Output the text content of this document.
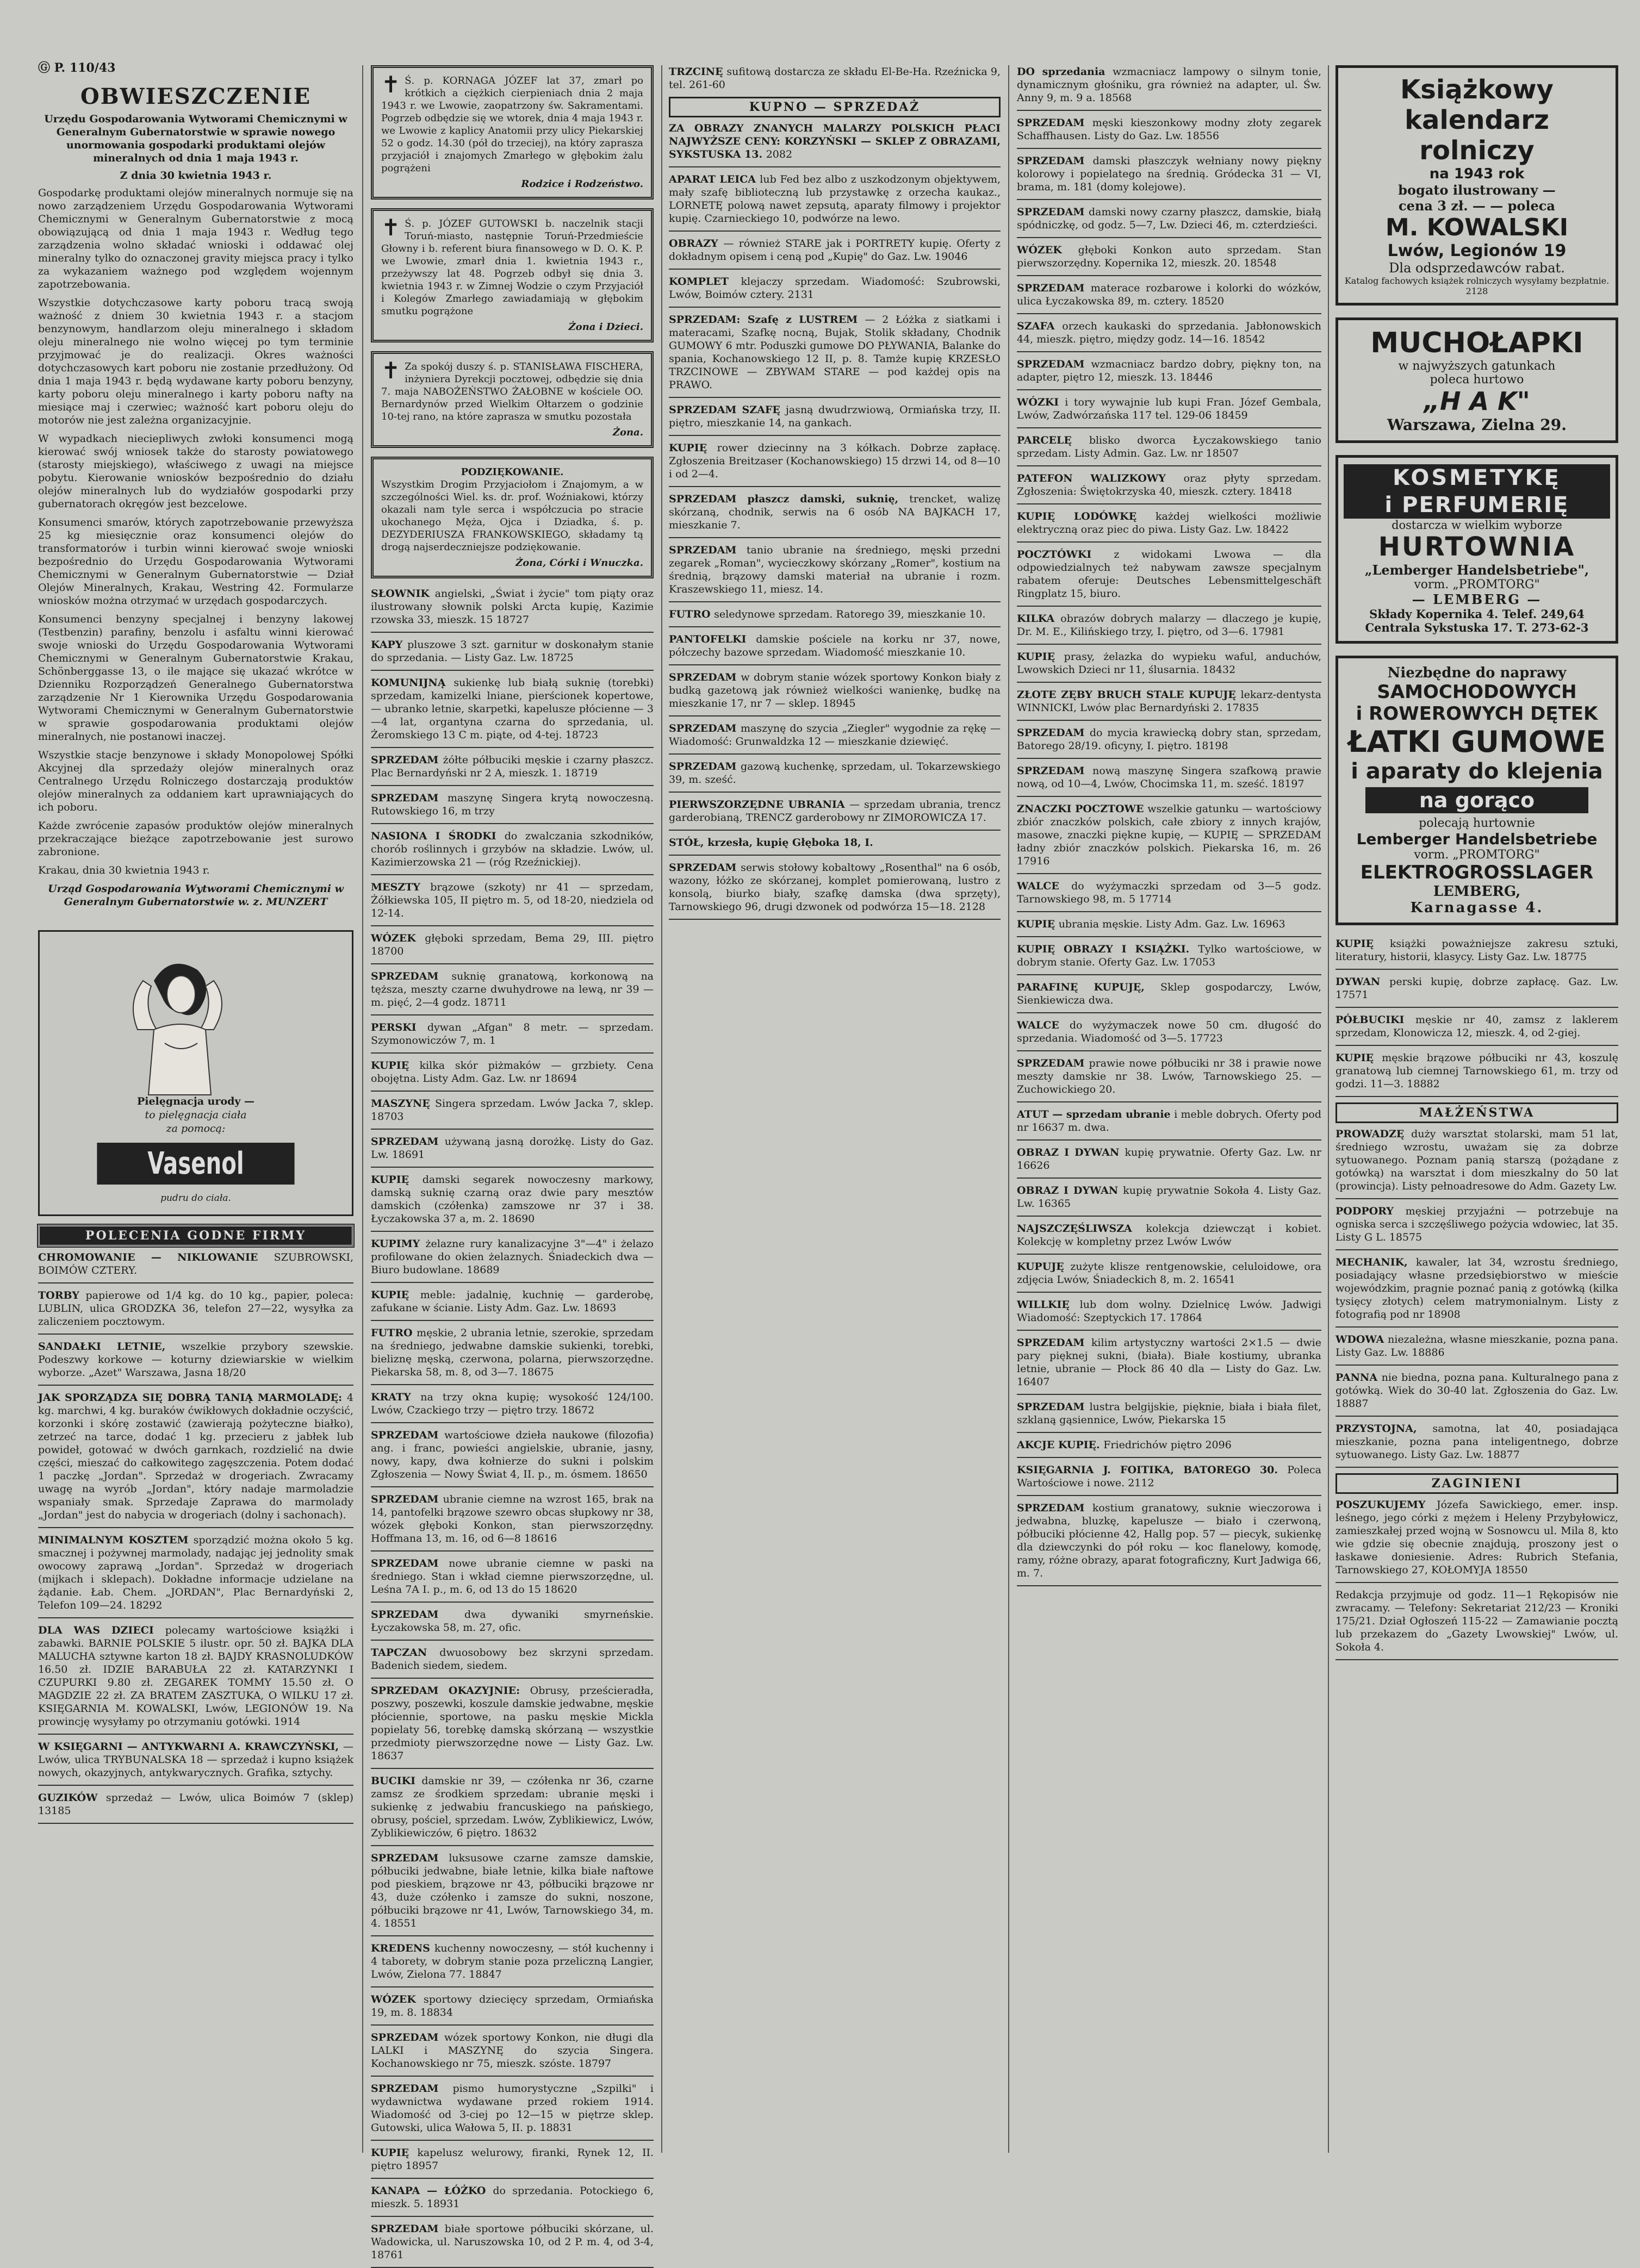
Ⓖ P. 110/43
OBWIESZCZENIE
Urzędu Gospodarowania Wytworami Chemicznymi w Generalnym Gubernatorstwie w sprawie nowego unormowania gospodarki produktami olejów mineralnych od dnia 1 maja 1943 r.
Z dnia 30 kwietnia 1943 r.

Gospodarkę produktami olejów mineralnych normuje się na nowo zarządzeniem Urzędu Gospodarowania Wytworami Chemicznymi w Generalnym Gubernatorstwie z mocą obowiązującą od dnia 1 maja 1943 r. Według tego zarządzenia wolno składać wnioski i oddawać olej mineralny tylko do oznaczonej gravity miejsca pracy i tylko za wykazaniem ważnego pod względem wojennym zapotrzebowania.

Wszystkie dotychczasowe karty poboru tracą swoją ważność z dniem 30 kwietnia 1943 r. a stacjom benzynowym, handlarzom oleju mineralnego i składom oleju mineralnego nie wolno więcej po tym terminie przyjmować je do realizacji. Okres ważności dotychczasowych kart poboru nie zostanie przedłużony. Od dnia 1 maja 1943 r. będą wydawane karty poboru benzyny, karty poboru oleju mineralnego i karty poboru nafty na miesiące maj i czerwiec; ważność kart poboru oleju do motorów nie jest zależna organizacyjnie.

W wypadkach nieciepliwych zwłoki konsumenci mogą kierować swój wniosek także do starosty powiatowego (starosty miejskiego), właściwego z uwagi na miejsce pobytu. Kierowanie wniosków bezpośrednio do działu olejów mineralnych lub do wydziałów gospodarki przy gubernatorach okręgów jest bezcelowe.

Konsumenci smarów, których zapotrzebowanie przewyższa 25 kg miesięcznie oraz konsumenci olejów do transformatorów i turbin winni kierować swoje wnioski bezpośrednio do Urzędu Gospodarowania Wytworami Chemicznymi w Generalnym Gubernatorstwie — Dział Olejów Mineralnych, Krakau, Westring 42. Formularze wniosków można otrzymać w urzędach gospodarczych.

Konsumenci benzyny specjalnej i benzyny lakowej (Testbenzin) parafiny, benzolu i asfaltu winni kierować swoje wnioski do Urzędu Gospodarowania Wytworami Chemicznymi w Generalnym Gubernatorstwie Krakau, Schönberggasse 13, o ile mające się ukazać wkrótce w Dzienniku Rozporządzeń Generalnego Gubernatorstwa zarządzenie Nr 1 Kierownika Urzędu Gospodarowania Wytworami Chemicznymi w Generalnym Gubernatorstwie w sprawie gospodarowania produktami olejów mineralnych, nie postanowi inaczej.

Wszystkie stacje benzynowe i składy Monopolowej Spółki Akcyjnej dla sprzedaży olejów mineralnych oraz Centralnego Urzędu Rolniczego dostarczają produktów olejów mineralnych za oddaniem kart uprawniających do ich poboru.

Każde zwrócenie zapasów produktów olejów mineralnych przekraczające bieżące zapotrzebowanie jest surowo zabronione.

Krakau, dnia 30 kwietnia 1943 r.

Urząd Gospodarowania Wytworami Chemicznymi w Generalnym Gubernatorstwie w. z. MUNZERT
Pielęgnacja urody —
to pielęgnacja ciała
za pomocą:
Vasenol
pudru do ciała.
POLECENIA GODNE FIRMY

CHROMOWANIE — NIKLOWANIE SZUBROWSKI, BOIMÓW CZTERY.

TORBY papierowe od 1/4 kg. do 10 kg., papier, poleca: LUBLIN, ulica GRODZKA 36, telefon 27—22, wysyłka za zaliczeniem pocztowym.

SANDAŁKI LETNIE, wszelkie przybory szewskie. Podeszwy korkowe — koturny dziewiarskie w wielkim wyborze. „Azet" Warszawa, Jasna 18/20

JAK SPORZĄDZA SIĘ DOBRĄ TANIĄ MARMOLADĘ: 4 kg. marchwi, 4 kg. buraków ćwikłowych dokładnie oczyścić, korzonki i skórę zostawić (zawierają pożyteczne białko), zetrzeć na tarce, dodać 1 kg. przecieru z jabłek lub powideł, gotować w dwóch garnkach, rozdzielić na dwie części, mieszać do całkowitego zagęszczenia. Potem dodać 1 paczkę „Jordan". Sprzedaż w drogeriach. Zwracamy uwagę na wyrób „Jordan", który nadaje marmoladzie wspaniały smak. Sprzedaje Zaprawa do marmolady „Jordan" jest do nabycia w drogeriach (dolny i sachonach).

MINIMALNYM KOSZTEM sporządzić można około 5 kg. smacznej i pożywnej marmolady, nadając jej jednolity smak owocowy zaprawą „Jordan". Sprzedaż w drogeriach (mijkach i sklepach). Dokładne informacje udzielane na żądanie. Łab. Chem. „JORDAN", Plac Bernardyński 2, Telefon 109—24. 18292

DLA WAS DZIECI polecamy wartościowe książki i zabawki. BARNIE POLSKIE 5 ilustr. opr. 50 zł. BAJKA DLA MALUCHA sztywne karton 18 zł. BAJDY KRASNOLUDKÓW 16.50 zł. IDZIE BARABUŁA 22 zł. KATARZYNKI I CZUPURKI 9.80 zł. ZEGAREK TOMMY 15.50 zł. O MAGDZIE 22 zł. ZA BRATEM ZASZTUKA, O WILKU 17 zł. KSIĘGARNIA M. KOWALSKI, Lwów, LEGIONÓW 19. Na prowincję wysyłamy po otrzymaniu gotówki. 1914

W KSIĘGARNI — ANTYKWARNI A. KRAWCZYŃSKI, — Lwów, ulica TRYBUNALSKA 18 — sprzedaż i kupno książek nowych, okazyjnych, antykwarycznych. Grafika, sztychy.

GUZIKÓW sprzedaż — Lwów, ulica Boimów 7 (sklep) 13185

✝ Ś. p. KORNAGA JÓZEF lat 37, zmarł po krótkich a ciężkich cierpieniach dnia 2 maja 1943 r. we Lwowie, zaopatrzony św. Sakramentami. Pogrzeb odbędzie się we wtorek, dnia 4 maja 1943 r. we Lwowie z kaplicy Anatomii przy ulicy Piekarskiej 52 o godz. 14.30 (pół do trzeciej), na który zaprasza przyjaciół i znajomych Zmarłego w głębokim żalu pogrążeni
Rodzice i Rodzeństwo.
✝ Ś. p. JÓZEF GUTOWSKI b. naczelnik stacji Toruń-miasto, następnie Toruń-Przedmieście Głowny i b. referent biura finansowego w D. O. K. P. we Lwowie, zmarł dnia 1. kwietnia 1943 r., przeżywszy lat 48. Pogrzeb odbył się dnia 3. kwietnia 1943 r. w Zimnej Wodzie o czym Przyjaciół i Kolegów Zmarłego zawiadamiają w głębokim smutku pogrążone
Żona i Dzieci.
✝ Za spokój duszy ś. p. STANISŁAWA FISCHERA, inżyniera Dyrekcji pocztowej, odbędzie się dnia 7. maja NABOŻEŃSTWO ŻAŁOBNE w kościele OO. Bernardynów przed Wielkim Ołtarzem o godzinie 10-tej rano, na które zaprasza w smutku pozostała
Żona.
PODZIĘKOWANIE.
Wszystkim Drogim Przyjaciołom i Znajomym, a w szczególności Wiel. ks. dr. prof. Woźniakowi, którzy okazali nam tyle serca i współczucia po stracie ukochanego Męża, Ojca i Dziadka, ś. p. DEZYDERIUSZA FRANKOWSKIEGO, składamy tą drogą najserdeczniejsze podziękowanie.
Żona, Córki i Wnuczka.

SŁOWNIK angielski, „Świat i życie" tom piąty oraz ilustrowany słownik polski Arcta kupię, Kazimie rzowska 33, mieszk. 15 18727

KAPY pluszowe 3 szt. garnitur w doskonałym stanie do sprzedania. — Listy Gaz. Lw. 18725

KOMUNIJNĄ sukienkę lub białą suknię (torebki) sprzedam, kamizelki lniane, pierścionek kopertowe, — ubranko letnie, skarpetki, kapelusze płócienne — 3—4 lat, organtyna czarna do sprzedania, ul. Żeromskiego 13 C m. piąte, od 4-tej. 18723

SPRZEDAM żółte półbuciki męskie i czarny płaszcz. Plac Bernardyński nr 2 A, mieszk. 1. 18719

SPRZEDAM maszynę Singera krytą nowoczesną. Rutowskiego 16, m trzy

NASIONA I ŚRODKI do zwalczania szkodników, chorób roślinnych i grzybów na składzie. Lwów, ul. Kazimierzowska 21 — (róg Rzeźnickiej).

MESZTY brązowe (szkoty) nr 41 — sprzedam, Żółkiewska 105, II piętro m. 5, od 18-20, niedziela od 12-14.

WÓZEK głęboki sprzedam, Bema 29, III. piętro 18700

SPRZEDAM suknię granatową, korkonową na tęższa, meszty czarne dwuhydrowe na lewą, nr 39 — m. pięć, 2—4 godz. 18711

PERSKI dywan „Afgan" 8 metr. — sprzedam. Szymonowiczów 7, m. 1

KUPIĘ kilka skór piżmaków — grzbiety. Cena obojętna. Listy Adm. Gaz. Lw. nr 18694

MASZYNĘ Singera sprzedam. Lwów Jacka 7, sklep. 18703

SPRZEDAM używaną jasną dorożkę. Listy do Gaz. Lw. 18691

KUPIĘ damski segarek nowoczesny markowy, damską suknię czarną oraz dwie pary mesztów damskich (czółenka) zamszowe nr 37 i 38. Łyczakowska 37 a, m. 2. 18690

KUPIMY żelazne rury kanalizacyjne 3"—4" i żelazo profilowane do okien żelaznych. Śniadeckich dwa — Biuro budowlane. 18689

KUPIĘ meble: jadalnię, kuchnię — garderobę, zafukane w ścianie. Listy Adm. Gaz. Lw. 18693

FUTRO męskie, 2 ubrania letnie, szerokie, sprzedam na średniego, jedwabne damskie sukienki, torebki, bieliznę męską, czerwona, polarna, pierwszorzędne. Piekarska 58, m. 8, od 3—7. 18675

KRATY na trzy okna kupię; wysokość 124/100. Lwów, Czackiego trzy — piętro trzy. 18672

SPRZEDAM wartościowe dzieła naukowe (filozofia) ang. i franc, powieści angielskie, ubranie, jasny, nowy, kapy, dwa kołnierze do sukni i polskim Zgłoszenia — Nowy Świat 4, II. p., m. ósmem. 18650

SPRZEDAM ubranie ciemne na wzrost 165, brak na 14, pantofelki brązowe szewro obcas słupkowy nr 38, wózek głęboki Konkon, stan pierwszorzędny. Hoffmana 13, m. 16, od 6—8 18616

SPRZEDAM nowe ubranie ciemne w paski na średniego. Stan i wkład ciemne pierwszorzędne, ul. Leśna 7A I. p., m. 6, od 13 do 15 18620

SPRZEDAM dwa dywaniki smyrneńskie. Łyczakowska 58, m. 27, ofic.

TAPCZAN dwuosobowy bez skrzyni sprzedam. Badenich siedem, siedem.

SPRZEDAM OKAZYJNIE: Obrusy, prześcieradła, poszwy, poszewki, koszule damskie jedwabne, męskie płóciennie, sportowe, na pasku męskie Mickla popielaty 56, torebkę damską skórzaną — wszystkie przedmioty pierwszorzędne nowe — Listy Gaz. Lw. 18637

BUCIKI damskie nr 39, — czółenka nr 36, czarne zamsz ze środkiem sprzedam: ubranie męski i sukienkę z jedwabiu francuskiego na pańskiego, obrusy, pościel, sprzedam. Lwów, Zyblikiewicz, Lwów, Zyblikiewiczów, 6 piętro. 18632

SPRZEDAM luksusowe czarne zamsze damskie, półbuciki jedwabne, białe letnie, kilka białe naftowe pod pieskiem, brązowe nr 43, półbuciki brązowe nr 43, duże czółenko i zamsze do sukni, noszone, półbuciki brązowe nr 41, Lwów, Tarnowskiego 34, m. 4. 18551

KREDENS kuchenny nowoczesny, — stół kuchenny i 4 taborety, w dobrym stanie poza przeliczną Langier, Lwów, Zielona 77. 18847

WÓZEK sportowy dziecięcy sprzedam, Ormiańska 19, m. 8. 18834

SPRZEDAM wózek sportowy Konkon, nie długi dla LALKI i MASZYNĘ do szycia Singera. Kochanowskiego nr 75, mieszk. szóste. 18797

SPRZEDAM pismo humorystyczne „Szpilki" i wydawnictwa wydawane przed rokiem 1914. Wiadomość od 3-ciej po 12—15 w piętrze sklep. Gutowski, ulica Wałowa 5, II. p. 18831

KUPIĘ kapelusz welurowy, firanki, Rynek 12, II. piętro 18957

KANAPA — ŁÓŻKO do sprzedania. Potockiego 6, mieszk. 5. 18931

SPRZEDAM białe sportowe półbuciki skórzane, ul. Wadowicka, ul. Naruszowska 10, od 2 P. m. 4, od 3-4, 18761

TRZCINĘ sufitową dostarcza ze składu El-Be-Ha. Rzeźnicka 9, tel. 261-60

KUPNO — SPRZEDAŻ

ZA OBRAZY ZNANYCH MALARZY POLSKICH PŁACI NAJWYŻSZE CENY: KORZYŃSKI — SKLEP Z OBRAZAMI, SYKSTUSKA 13. 2082

APARAT LEICA lub Fed bez albo z uszkodzonym objektywem, mały szafę biblioteczną lub przystawkę z orzecha kaukaz., LORNETĘ polową nawet zepsutą, aparaty filmowy i projektor kupię. Czarnieckiego 10, podwórze na lewo.

OBRAZY — również STARE jak i PORTRETY kupię. Oferty z dokładnym opisem i ceną pod „Kupię" do Gaz. Lw. 19046

KOMPLET klejaczy sprzedam. Wiadomość: Szubrowski, Lwów, Boimów cztery. 2131

SPRZEDAM: Szafę z LUSTREM — 2 Łóżka z siatkami i materacami, Szafkę nocną, Bujak, Stolik składany, Chodnik GUMOWY 6 mtr. Poduszki gumowe DO PŁYWANIA, Balanke do spania, Kochanowskiego 12 II, p. 8. Tamże kupię KRZESŁO TRZCINOWE — ZBYWAM STARE — pod każdej opis na PRAWO.

SPRZEDAM SZAFĘ jasną dwudrzwiową, Ormiańska trzy, II. piętro, mieszkanie 14, na gankach.

KUPIĘ rower dziecinny na 3 kółkach. Dobrze zapłacę. Zgłoszenia Breitzaser (Kochanowskiego) 15 drzwi 14, od 8—10 i od 2—4.

SPRZEDAM płaszcz damski, suknię, trencket, walizę skórzaną, chodnik, serwis na 6 osób NA BAJKACH 17, mieszkanie 7.

SPRZEDAM tanio ubranie na średniego, męski przedni zegarek „Roman", wycieczkowy skórzany „Romer", kostium na średnią, brązowy damski materiał na ubranie i rozm. Kraszewskiego 11, miesz. 14.

FUTRO seledynowe sprzedam. Ratorego 39, mieszkanie 10.

PANTOFELKI damskie pościele na korku nr 37, nowe, półczechy bazowe sprzedam. Wiadomość mieszkanie 10.

SPRZEDAM w dobrym stanie wózek sportowy Konkon biały z budką gazetową jak również wielkości wanienkę, budkę na mieszkanie 17, nr 7 — sklep. 18945

SPRZEDAM maszynę do szycia „Ziegler" wygodnie za rękę — Wiadomość: Grunwaldzka 12 — mieszkanie dziewięć.

SPRZEDAM gazową kuchenkę, sprzedam, ul. Tokarzewskiego 39, m. sześć.

PIERWSZORZĘDNE UBRANIA — sprzedam ubrania, trencz garderobianą, TRENCZ garderobowy nr ZIMOROWICZA 17.

STÓŁ, krzesła, kupię Głęboka 18, I.

SPRZEDAM serwis stołowy kobaltowy „Rosenthal" na 6 osób, wazony, łóżko ze skórzanej, komplet pomierowaną, lustro z konsolą, biurko biały, szafkę damska (dwa sprzęty), Tarnowskiego 96, drugi dzwonek od podwórza 15—18. 2128

DO sprzedania wzmacniacz lampowy o silnym tonie, dynamicznym głośniku, gra również na adapter, ul. Św. Anny 9, m. 9 a. 18568

SPRZEDAM męski kieszonkowy modny złoty zegarek Schaffhausen. Listy do Gaz. Lw. 18556

SPRZEDAM damski płaszczyk wełniany nowy piękny kolorowy i popielatego na średnią. Gródecka 31 — VI, brama, m. 181 (domy kolejowe).

SPRZEDAM damski nowy czarny płaszcz, damskie, białą spódniczkę, od godz. 5—7, Lw. Dzieci 46, m. czterdzieści.

WÓZEK głęboki Konkon auto sprzedam. Stan pierwszorzędny. Kopernika 12, mieszk. 20. 18548

SPRZEDAM materace rozbarowe i kolorki do wózków, ulica Łyczakowska 89, m. cztery. 18520

SZAFA orzech kaukaski do sprzedania. Jabłonowskich 44, mieszk. piętro, między godz. 14—16. 18542

SPRZEDAM wzmacniacz bardzo dobry, piękny ton, na adapter, piętro 12, mieszk. 13. 18446

WÓZKI i tory wywajnie lub kupi Fran. Józef Gembala, Lwów, Zadwórzańska 117 tel. 129-06 18459

PARCELĘ blisko dworca Łyczakowskiego tanio sprzedam. Listy Admin. Gaz. Lw. nr 18507

PATEFON WALIZKOWY oraz płyty sprzedam. Zgłoszenia: Świętokrzyska 40, mieszk. cztery. 18418

KUPIĘ LODÓWKĘ każdej wielkości możliwie elektryczną oraz piec do piwa. Listy Gaz. Lw. 18422

POCZTÓWKI z widokami Lwowa — dla odpowiedzialnych też nabywam zawsze specjalnym rabatem oferuje: Deutsches Lebensmittelgeschäft Ringplatz 15, biuro.

KILKA obrazów dobrych malarzy — dlaczego je kupię, Dr. M. E., Kilińskiego trzy, I. piętro, od 3—6. 17981

KUPIĘ prasy, żelazka do wypieku waful, anduchów, Lwowskich Dzieci nr 11, ślusarnia. 18432

ZŁOTE ZĘBY BRUCH STALE KUPUJĘ lekarz-dentysta WINNICKI, Lwów plac Bernardyński 2. 17835

SPRZEDAM do mycia krawiecką dobry stan, sprzedam, Batorego 28/19. oficyny, I. piętro. 18198

SPRZEDAM nową maszynę Singera szafkową prawie nową, od 10—4, Lwów, Chocimska 11, m. sześć. 18197

ZNACZKI POCZTOWE wszelkie gatunku — wartościowy zbiór znaczków polskich, całe zbiory z innych krajów, masowe, znaczki piękne kupię, — KUPIĘ — SPRZEDAM ładny zbiór znaczków polskich. Piekarska 16, m. 26 17916

WALCE do wyżymaczki sprzedam od 3—5 godz. Tarnowskiego 98, m. 5 17714

KUPIĘ ubrania męskie. Listy Adm. Gaz. Lw. 16963

KUPIĘ OBRAZY I KSIĄŻKI. Tylko wartościowe, w dobrym stanie. Oferty Gaz. Lw. 17053

PARAFINĘ KUPUJĘ, Sklep gospodarczy, Lwów, Sienkiewicza dwa.

WALCE do wyżymaczek nowe 50 cm. długość do sprzedania. Wiadomość od 3—5. 17723

SPRZEDAM prawie nowe półbuciki nr 38 i prawie nowe meszty damskie nr 38. Lwów, Tarnowskiego 25. — Zuchowickiego 20.

ATUT — sprzedam ubranie i meble dobrych. Oferty pod nr 16637 m. dwa.

OBRAZ I DYWAN kupię prywatnie. Oferty Gaz. Lw. nr 16626

OBRAZ I DYWAN kupię prywatnie Sokoła 4. Listy Gaz. Lw. 16365

NAJSZCZĘŚLIWSZA kolekcja dziewcząt i kobiet. Kolekcję w kompletny przez Lwów Lwów

KUPUJĘ zużyte klisze rentgenowskie, celuloidowe, ora zdjęcia Lwów, Śniadeckich 8, m. 2. 16541

WILLKIĘ lub dom wolny. Dzielnicę Lwów. Jadwigi Wiadomość: Szeptyckich 17. 17864

SPRZEDAM kilim artystyczny wartości 2×1.5 — dwie pary pięknej sukni, (biała). Białe kostiumy, ubranka letnie, ubranie — Płock 86 40 dla — Listy do Gaz. Lw. 16407

SPRZEDAM lustra belgijskie, pięknie, biała i biała filet, szklaną gąsiennice, Lwów, Piekarska 15

AKCJE KUPIĘ. Friedrichów piętro 2096

KSIĘGARNIA J. FOITIKA, BATOREGO 30. Poleca Wartościowe i nowe. 2112

SPRZEDAM kostium granatowy, suknie wieczorowa i jedwabna, bluzkę, kapelusze — biało i czerwoną, półbuciki płócienne 42, Hallg pop. 57 — piecyk, sukienkę dla dziewczynki do pół roku — koc flanelowy, komodę, ramy, różne obrazy, aparat fotograficzny, Kurt Jadwiga 66, m. 7.

Książkowy
kalendarz rolniczy
na 1943 rok
bogato ilustrowany —
cena 3 zł. — — poleca
M. KOWALSKI
Lwów, Legionów 19
Dla odsprzedawców rabat.
Katalog fachowych książek rolniczych wysyłamy bezpłatnie. 2128
MUCHOŁAPKI
w najwyższych gatunkach
poleca hurtowo
„H A K"
Warszawa, Zielna 29.
KOSMETYKĘ
i PERFUMERIĘ
dostarcza w wielkim wyborze
HURTOWNIA
„Lemberger Handelsbetriebe",
vorm. „PROMTORG"
— LEMBERG —
Składy Kopernika 4. Telef. 249,64
Centrala Sykstuska 17. T. 273-62-3
Niezbędne do naprawy
SAMOCHODOWYCH
i ROWEROWYCH DĘTEK
ŁATKI GUMOWE
i aparaty do klejenia
na gorąco
polecają hurtownie
Lemberger Handelsbetriebe
vorm. „PROMTORG"
ELEKTROGROSSLAGER
LEMBERG,
Karnagasse 4.

KUPIĘ książki poważniejsze zakresu sztuki, literatury, historii, klasycy. Listy Gaz. Lw. 18775

DYWAN perski kupię, dobrze zapłacę. Gaz. Lw. 17571

PÓŁBUCIKI męskie nr 40, zamsz z laklerem sprzedam, Klonowicza 12, mieszk. 4, od 2-giej.

KUPIĘ męskie brązowe półbuciki nr 43, koszulę granatową lub ciemnej Tarnowskiego 61, m. trzy od godzi. 11—3. 18882

MAŁŻEŃSTWA

PROWADZĘ duży warsztat stolarski, mam 51 lat, średniego wzrostu, uważam się za dobrze sytuowanego. Poznam panią starszą (pożądane z gotówką) na warsztat i dom mieszkalny do 50 lat (prowincja). Listy pełnoadresowe do Adm. Gazety Lw.

PODPORY męskiej przyjaźni — potrzebuje na ogniska serca i szczęśliwego pożycia wdowiec, lat 35. Listy G L. 18575

MECHANIK, kawaler, lat 34, wzrostu średniego, posiadający własne przedsiębiorstwo w mieście wojewódzkim, pragnie poznać panią z gotówką (kilka tysięcy złotych) celem matrymonialnym. Listy z fotografią pod nr 18908

WDOWA niezależna, własne mieszkanie, pozna pana. Listy Gaz. Lw. 18886

PANNA nie biedna, pozna pana. Kulturalnego pana z gotówką. Wiek do 30-40 lat. Zgłoszenia do Gaz. Lw. 18887

PRZYSTOJNA, samotna, lat 40, posiadająca mieszkanie, pozna pana inteligentnego, dobrze sytuowanego. Listy Gaz. Lw. 18877

ZAGINIENI

POSZUKUJEMY Józefa Sawickiego, emer. insp. leśnego, jego córki z mężem i Heleny Przybyłowicz, zamieszkałej przed wojną w Sosnowcu ul. Mila 8, kto wie gdzie się obecnie znajdują, proszony jest o łaskawe doniesienie. Adres: Rubrich Stefania, Tarnowskiego 27, KOŁOMYJA 18550

Redakcja przyjmuje od godz. 11—1 Rękopisów nie zwracamy. — Telefony: Sekretariat 212/23 — Kroniki 175/21. Dział Ogłoszeń 115-22 — Zamawianie pocztą lub przekazem do „Gazety Lwowskiej" Lwów, ul. Sokoła 4.
